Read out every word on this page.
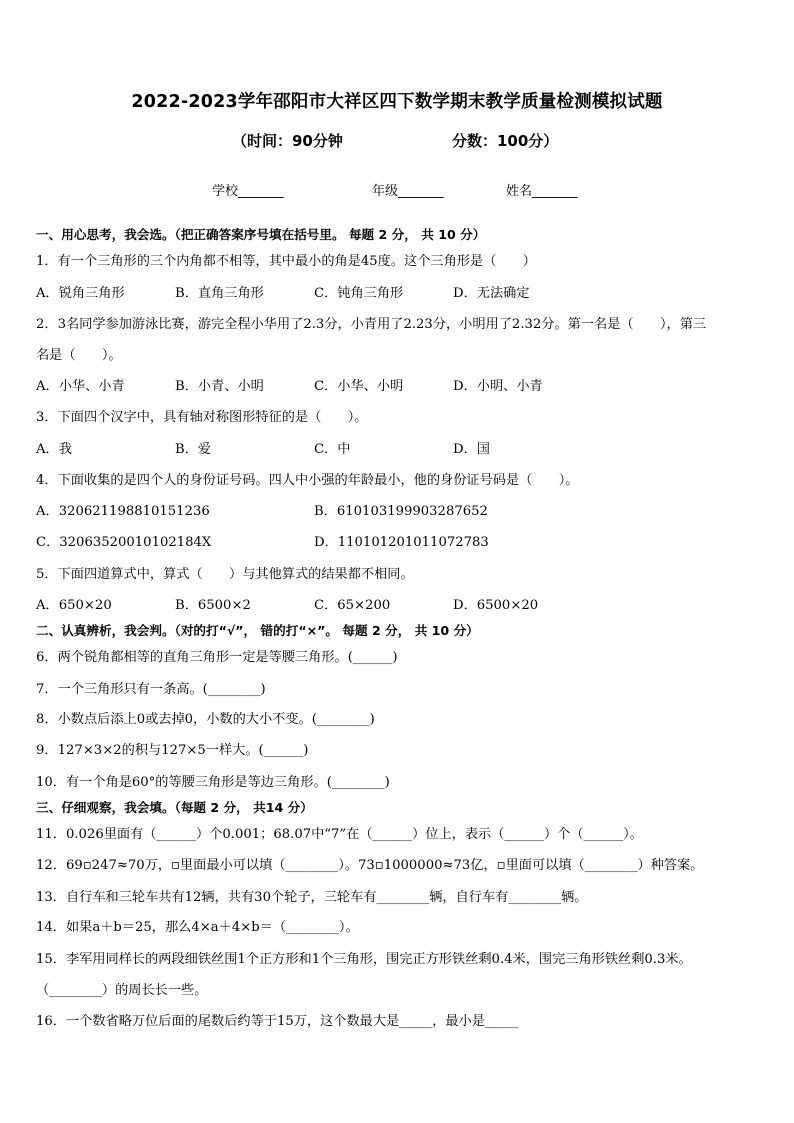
2022-2023学年邵阳市大祥区四下数学期末教学质量检测模拟试题
（时间：90分钟	分数：100分）
学校_______	年级_______	姓名_______
一、用心思考，我会选。（把正确答案序号填在括号里。 每题 2 分， 共 10 分）
1．有一个三角形的三个内角都不相等，其中最小的角是45度。这个三角形是（　　）
A．锐角三角形	B．直角三角形	C．钝角三角形	D．无法确定
2．3名同学参加游泳比赛，游完全程小华用了2.3分，小青用了2.23分，小明用了2.32分。第一名是（　　），第三
名是（　　）。
A．小华、小青	B．小青、小明	C．小华、小明	D．小明、小青
3．下面四个汉字中，具有轴对称图形特征的是（　　）。
A．我	B．爱	C．中	D．国
4．下面收集的是四个人的身份证号码。四人中小强的年龄最小，他的身份证号码是（　　）。
A．320621198810151236	B．610103199903287652
C．32063520010102184X	D．110101201011072783
5．下面四道算式中，算式（　　）与其他算式的结果都不相同。
A．650×20	B．6500×2	C．65×200	D．6500×20
二、认真辨析，我会判。（对的打“√”， 错的打“×”。 每题 2 分， 共 10 分）
6．两个锐角都相等的直角三角形一定是等腰三角形。(______)
7．一个三角形只有一条高。(________)
8．小数点后添上0或去掉0，小数的大小不变。(________)
9．127×3×2的积与127×5一样大。(______)
10．有一个角是60°的等腰三角形是等边三角形。(________)
三、仔细观察，我会填。（每题 2 分， 共14 分）
11．0.026里面有（______）个0.001；68.07中“7”在（______）位上，表示（______）个（______）。
12．69▫247≈70万，▫里面最小可以填（________）。73▫1000000≈73亿，▫里面可以填（________）种答案。
13．自行车和三轮车共有12辆，共有30个轮子，三轮车有________辆，自行车有________辆。
14．如果a＋b＝25，那么4×a＋4×b＝（________）。
15．李军用同样长的两段细铁丝围1个正方形和1个三角形，围完正方形铁丝剩0.4米，围完三角形铁丝剩0.3米。
（________）的周长长一些。
16．一个数省略万位后面的尾数后约等于15万，这个数最大是_____，最小是_____
